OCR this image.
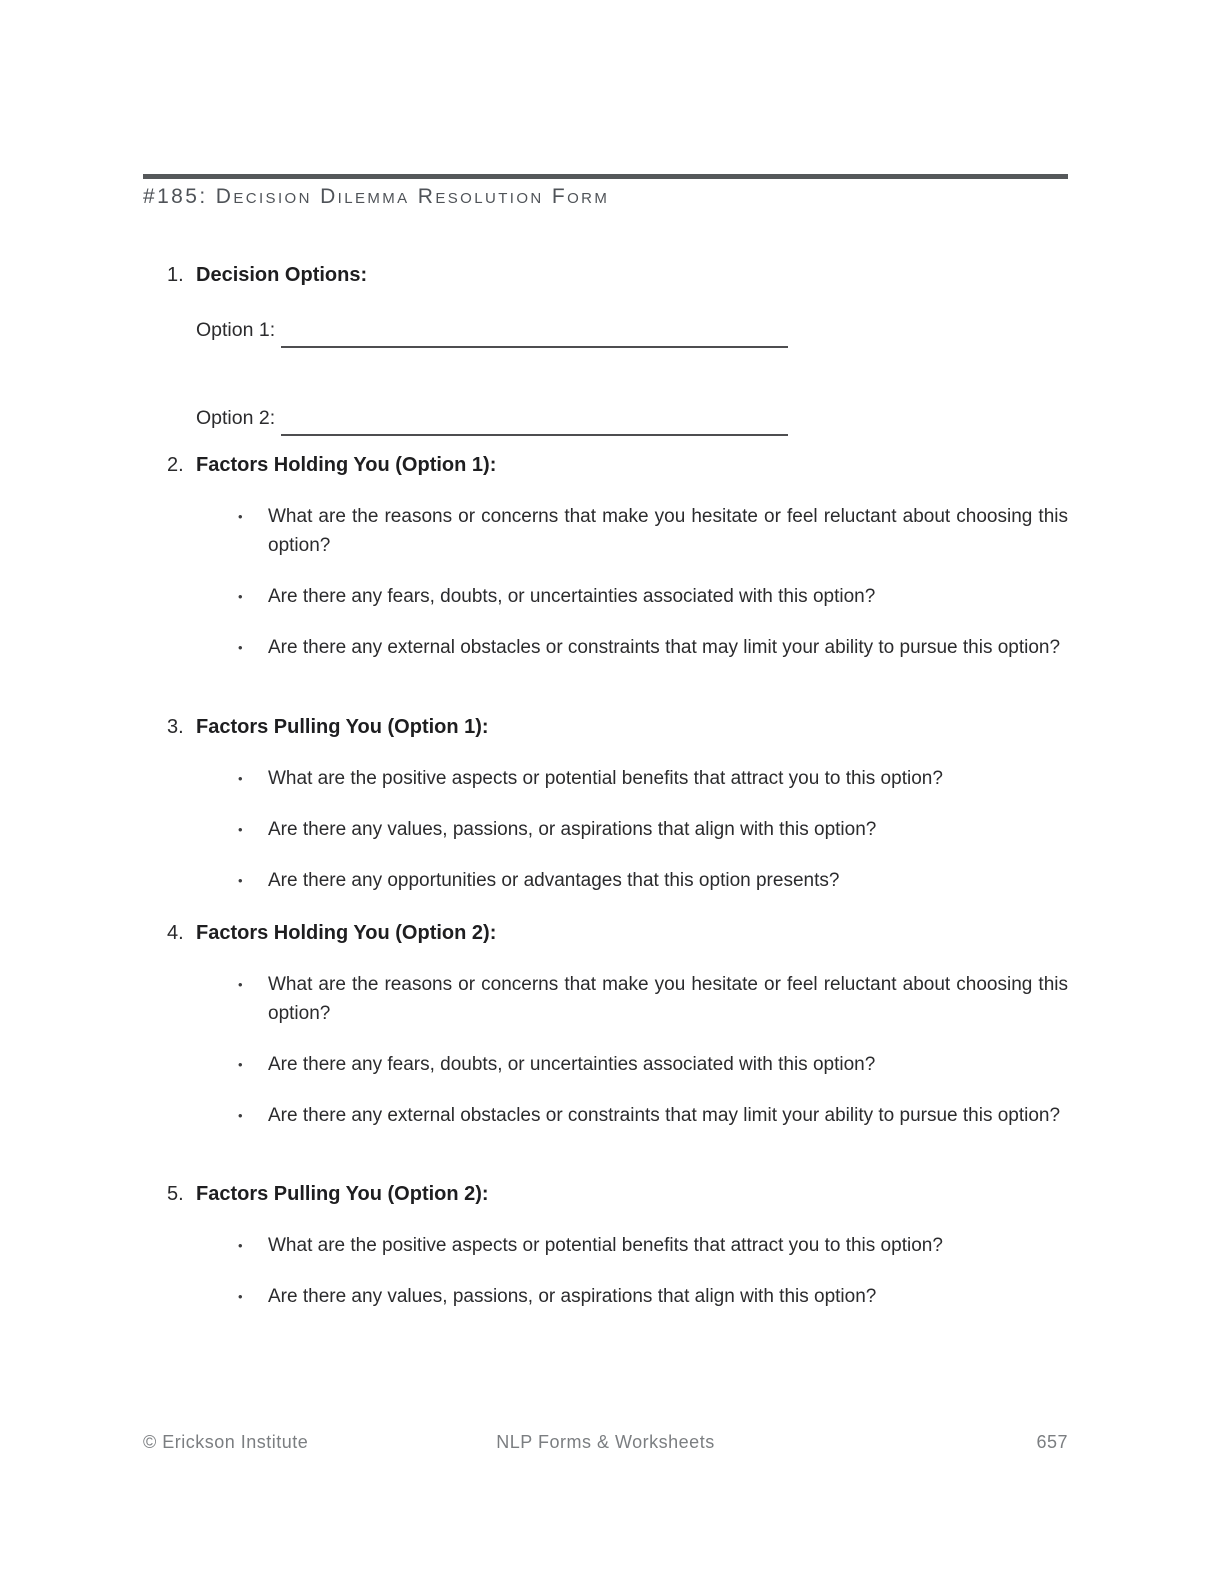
#185: Decision Dilemma Resolution Form
1. Decision Options:
Option 1:
Option 2:
2. Factors Holding You (Option 1):
•
What are the reasons or concerns that make you hesitate or feel reluctant about choosing this option?
•
Are there any fears, doubts, or uncertainties associated with this option?
•
Are there any external obstacles or constraints that may limit your ability to pursue this option?
3. Factors Pulling You (Option 1):
•
What are the positive aspects or potential benefits that attract you to this option?
•
Are there any values, passions, or aspirations that align with this option?
•
Are there any opportunities or advantages that this option presents?
4. Factors Holding You (Option 2):
•
What are the reasons or concerns that make you hesitate or feel reluctant about choosing this option?
•
Are there any fears, doubts, or uncertainties associated with this option?
•
Are there any external obstacles or constraints that may limit your ability to pursue this option?
5. Factors Pulling You (Option 2):
•
What are the positive aspects or potential benefits that attract you to this option?
•
Are there any values, passions, or aspirations that align with this option?
© Erickson Institute	NLP Forms & Worksheets	657
